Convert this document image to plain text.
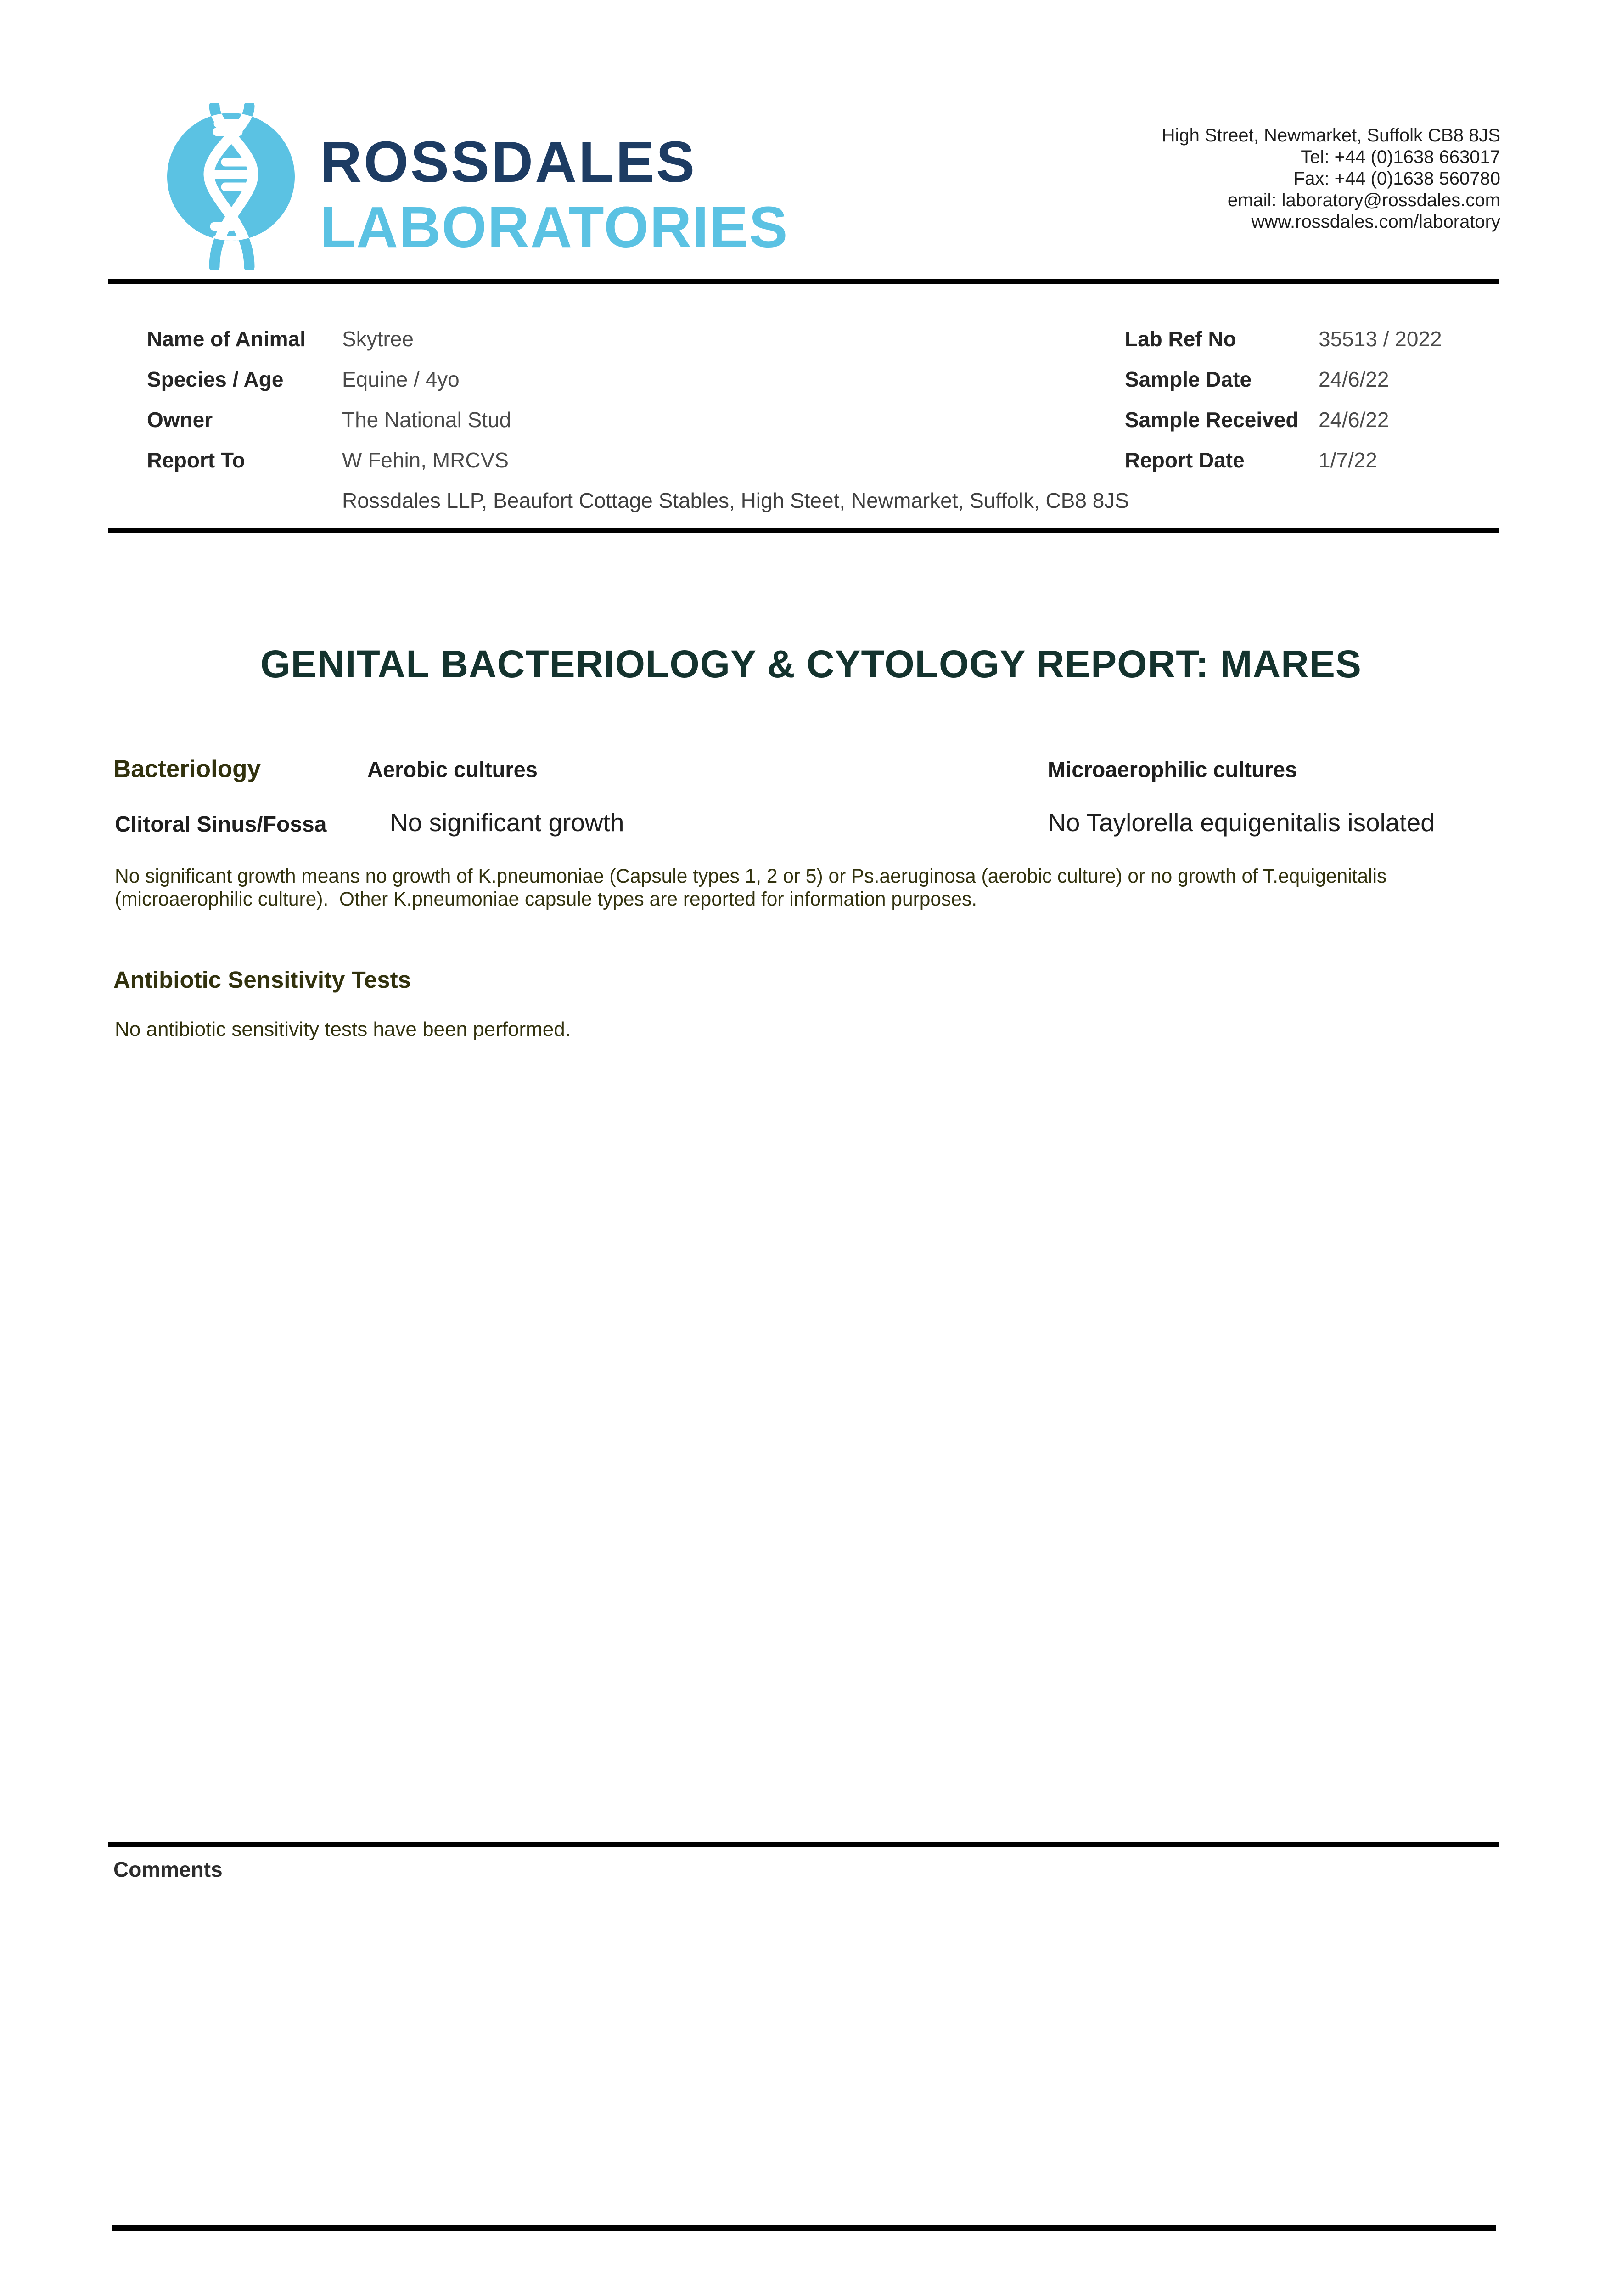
ROSSDALES
LABORATORIES
High Street, Newmarket, Suffolk CB8 8JS
Tel: +44 (0)1638 663017
Fax: +44 (0)1638 560780
email: laboratory@rossdales.com
www.rossdales.com/laboratory
Name of Animal Skytree	Lab Ref No	35513 / 2022
Species / Age	Equine / 4yo	Sample Date	24/6/22
Owner	The National Stud	Sample Received 24/6/22
Report To	W Fehin, MRCVS	Report Date	1/7/22
Rossdales LLP, Beaufort Cottage Stables, High Steet, Newmarket, Suffolk, CB8 8JS
GENITAL BACTERIOLOGY & CYTOLOGY REPORT: MARES
Bacteriology	Aerobic cultures	Microaerophilic cultures
Clitoral Sinus/Fossa	No significant growth	No Taylorella equigenitalis isolated
No significant growth means no growth of K.pneumoniae (Capsule types 1, 2 or 5) or Ps.aeruginosa (aerobic culture) or no growth of T.equigenitalis (microaerophilic culture).  Other K.pneumoniae capsule types are reported for information purposes.
Antibiotic Sensitivity Tests
No antibiotic sensitivity tests have been performed.
Comments
